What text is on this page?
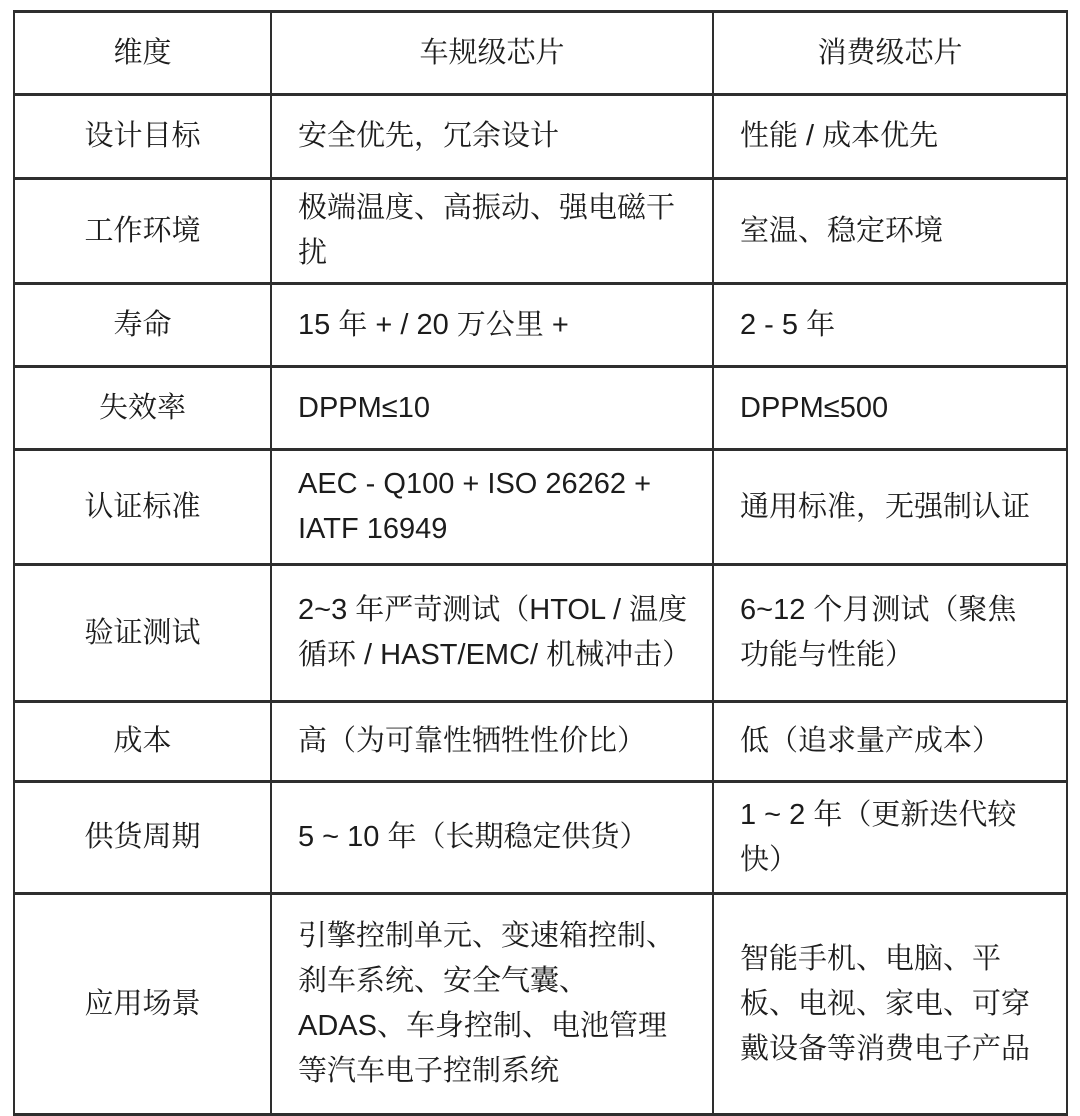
维度	车规级芯片	消费级芯片
设计目标	安全优先，冗余设计	性能 / 成本优先
工作环境	极端温度、高振动、强电磁干扰	室温、稳定环境
寿命	15 年 + / 20 万公里 +	2 - 5 年
失效率	DPPM≤10	DPPM≤500
认证标准	AEC - Q100 + ISO 26262 + IATF 16949	通用标准，无强制认证
验证测试	2~3 年严苛测试（HTOL / 温度循环 / HAST/EMC/ 机械冲击）	6~12 个月测试（聚焦功能与性能）
成本	高（为可靠性牺牲性价比）	低（追求量产成本）
供货周期	5 ~ 10 年（长期稳定供货）	1 ~ 2 年（更新迭代较快）
应用场景	引擎控制单元、变速箱控制、刹车系统、安全气囊、ADAS、车身控制、电池管理等汽车电子控制系统	智能手机、电脑、平板、电视、家电、可穿戴设备等消费电子产品
